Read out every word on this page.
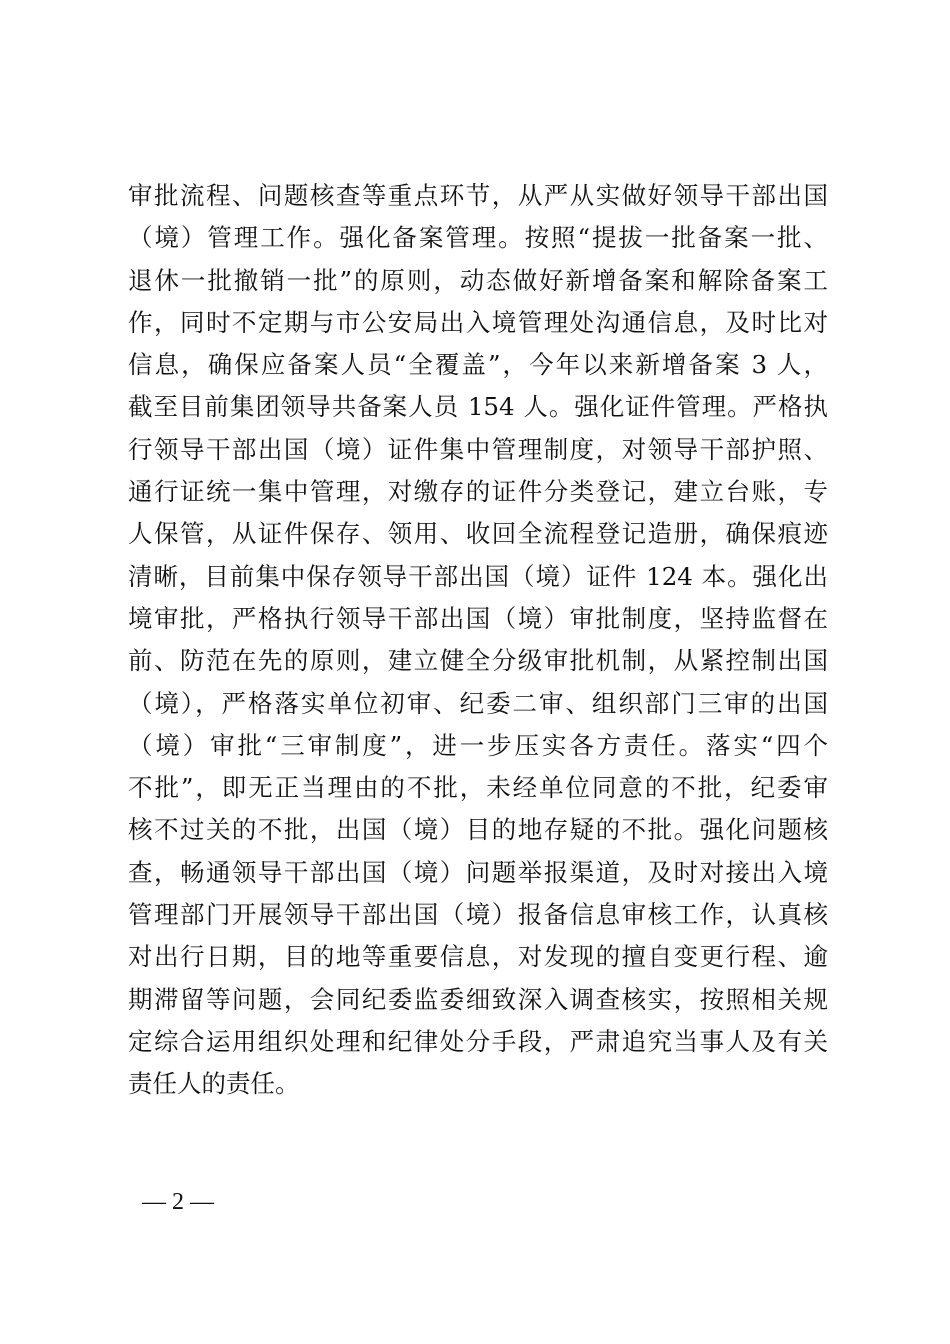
审批流程、问题核查等重点环节，从严从实做好领导干部出国
（境）管理工作。强化备案管理。按照“提拔一批备案一批、
退休一批撤销一批”的原则，动态做好新增备案和解除备案工
作，同时不定期与市公安局出入境管理处沟通信息，及时比对
信息，确保应备案人员“全覆盖”，今年以来新增备案 3 人，
截至目前集团领导共备案人员 154 人。强化证件管理。严格执
行领导干部出国（境）证件集中管理制度，对领导干部护照、
通行证统一集中管理，对缴存的证件分类登记，建立台账，专
人保管，从证件保存、领用、收回全流程登记造册，确保痕迹
清晰，目前集中保存领导干部出国（境）证件 124 本。强化出
境审批，严格执行领导干部出国（境）审批制度，坚持监督在
前、防范在先的原则，建立健全分级审批机制，从紧控制出国
（境），严格落实单位初审、纪委二审、组织部门三审的出国
（境）审批“三审制度”，进一步压实各方责任。落实“四个
不批”，即无正当理由的不批，未经单位同意的不批，纪委审
核不过关的不批，出国（境）目的地存疑的不批。强化问题核
查，畅通领导干部出国（境）问题举报渠道，及时对接出入境
管理部门开展领导干部出国（境）报备信息审核工作，认真核
对出行日期，目的地等重要信息，对发现的擅自变更行程、逾
期滞留等问题，会同纪委监委细致深入调查核实，按照相关规
定综合运用组织处理和纪律处分手段，严肃追究当事人及有关
责任人的责任。
— 2 —
